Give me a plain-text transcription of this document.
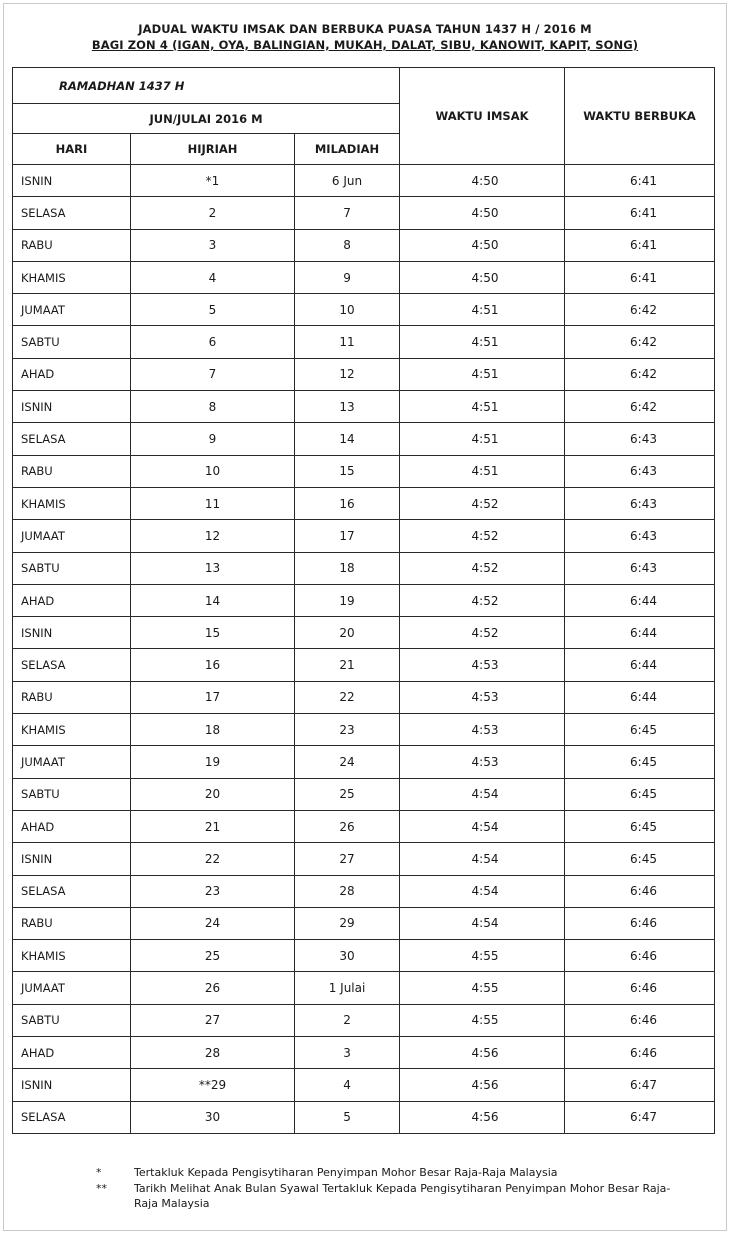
JADUAL WAKTU IMSAK DAN BERBUKA PUASA TAHUN 1437 H / 2016 M
BAGI ZON 4 (IGAN, OYA, BALINGIAN, MUKAH, DALAT, SIBU, KANOWIT, KAPIT, SONG)
RAMADHAN 1437 H			WAKTU IMSAK	WAKTU BERBUKA
JUN/JULAI 2016 M				
HARI	HIJRIAH	MILADIAH		
ISNIN	*1	6 Jun	4:50	6:41
SELASA	2	7	4:50	6:41
RABU	3	8	4:50	6:41
KHAMIS	4	9	4:50	6:41
JUMAAT	5	10	4:51	6:42
SABTU	6	11	4:51	6:42
AHAD	7	12	4:51	6:42
ISNIN	8	13	4:51	6:42
SELASA	9	14	4:51	6:43
RABU	10	15	4:51	6:43
KHAMIS	11	16	4:52	6:43
JUMAAT	12	17	4:52	6:43
SABTU	13	18	4:52	6:43
AHAD	14	19	4:52	6:44
ISNIN	15	20	4:52	6:44
SELASA	16	21	4:53	6:44
RABU	17	22	4:53	6:44
KHAMIS	18	23	4:53	6:45
JUMAAT	19	24	4:53	6:45
SABTU	20	25	4:54	6:45
AHAD	21	26	4:54	6:45
ISNIN	22	27	4:54	6:45
SELASA	23	28	4:54	6:46
RABU	24	29	4:54	6:46
KHAMIS	25	30	4:55	6:46
JUMAAT	26	1 Julai	4:55	6:46
SABTU	27	2	4:55	6:46
AHAD	28	3	4:56	6:46
ISNIN	**29	4	4:56	6:47
SELASA	30	5	4:56	6:47
*	Tertakluk Kepada Pengisytiharan Penyimpan Mohor Besar Raja-Raja Malaysia
**	Tarikh Melihat Anak Bulan Syawal Tertakluk Kepada Pengisytiharan Penyimpan Mohor Besar Raja-Raja Malaysia
